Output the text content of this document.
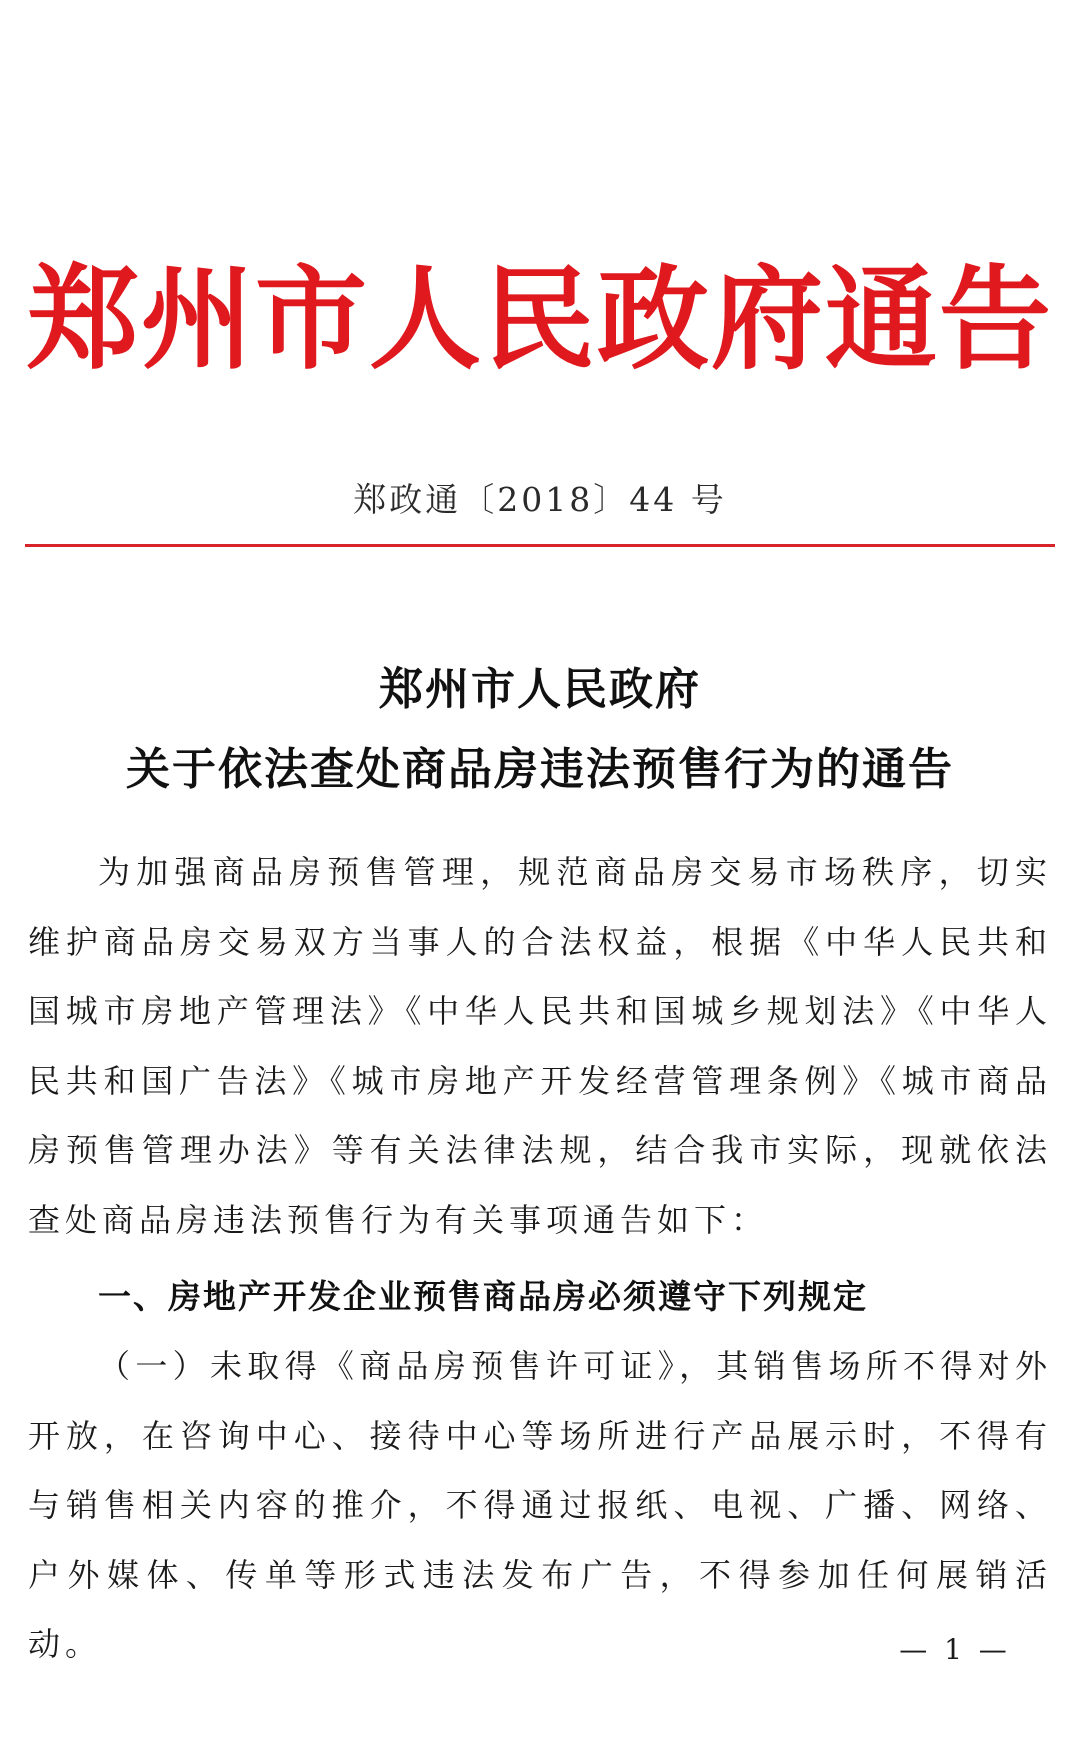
郑州市人民政府通告
郑政通〔2018〕44 号
郑州市人民政府
关于依法查处商品房违法预售行为的通告

为加强商品房预售管理，规范商品房交易市场秩序，切实维护商品房交易双方当事人的合法权益，根据《中华人民共和国城市房地产管理法》《中华人民共和国城乡规划法》《中华人民共和国广告法》《城市房地产开发经营管理条例》《城市商品房预售管理办法》等有关法律法规，结合我市实际，现就依法查处商品房违法预售行为有关事项通告如下：

一、房地产开发企业预售商品房必须遵守下列规定

（一）未取得《商品房预售许可证》，其销售场所不得对外开放，在咨询中心、接待中心等场所进行产品展示时，不得有与销售相关内容的推介，不得通过报纸、电视、广播、网络、户外媒体、传单等形式违法发布广告，不得参加任何展销活动。	— 1 —
